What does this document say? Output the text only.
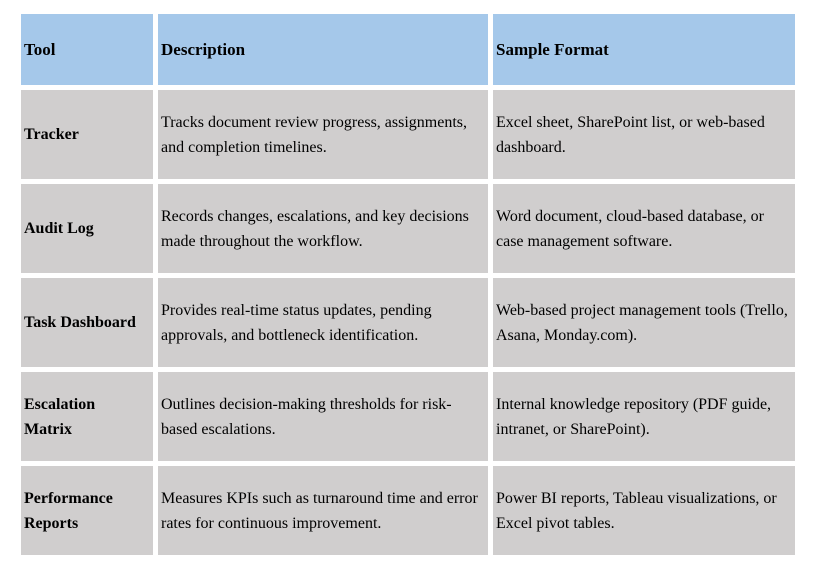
Tool	Description	Sample Format
Tracker
Tracks document review progress, assignments, and completion timelines.
Excel sheet, SharePoint list, or web-based dashboard.
Audit Log
Records changes, escalations, and key decisions made throughout the workflow.
Word document, cloud-based database, or case management software.
Task Dashboard
Provides real-time status updates, pending approvals, and bottleneck identification.
Web-based project management tools (Trello, Asana, Monday.com).
Escalation Matrix
Outlines decision-making thresholds for risk-based escalations.
Internal knowledge repository (PDF guide, intranet, or SharePoint).
Performance Reports
Measures KPIs such as turnaround time and error rates for continuous improvement.
Power BI reports, Tableau visualizations, or Excel pivot tables.
